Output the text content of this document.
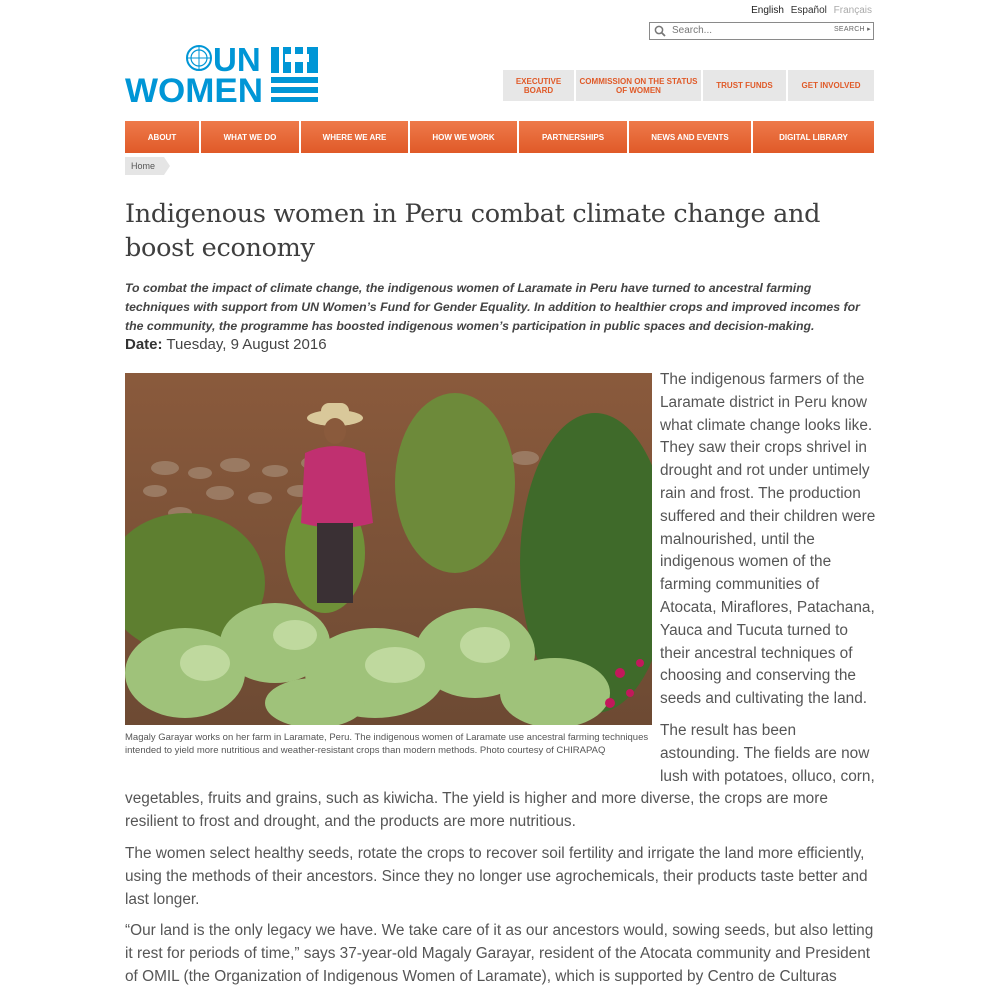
English Español Français
Search...
SEARCH ▸
UN
WOMEN	EXECUTIVE BOARD
COMMISSION ON THE STATUS OF WOMEN	TRUST FUNDS	GET INVOLVED
ABOUT	WHAT WE DO	WHERE WE ARE	HOW WE WORK	PARTNERSHIPS	NEWS AND EVENTS	DIGITAL LIBRARY
Home
Indigenous women in Peru combat climate change and boost economy

To combat the impact of climate change, the indigenous women of Laramate in Peru have turned to ancestral farming techniques with support from UN Women’s Fund for Gender Equality. In addition to healthier crops and improved incomes for the community, the programme has boosted indigenous women’s participation in public spaces and decision-making.

Date: Tuesday, 9 August 2016
Magaly Garayar works on her farm in Laramate, Peru. The indigenous women of Laramate use ancestral farming techniques intended to yield more nutritious and weather-resistant crops than modern methods. Photo courtesy of CHIRAPAQ

The indigenous farmers of the Laramate district in Peru know what climate change looks like. They saw their crops shrivel in drought and rot under untimely rain and frost. The production suffered and their children were malnourished, until the indigenous women of the farming communities of Atocata, Miraflores, Patachana, Yauca and Tucuta turned to their ancestral techniques of choosing and conserving the seeds and cultivating the land.

The result has been astounding. The fields are now lush with potatoes, olluco, corn, vegetables, fruits and grains, such as kiwicha. The yield is higher and more diverse, the crops are more resilient to frost and drought, and the products are more nutritious.

The women select healthy seeds, rotate the crops to recover soil fertility and irrigate the land more efficiently, using the methods of their ancestors. Since they no longer use agrochemicals, their products taste better and last longer.

“Our land is the only legacy we have. We take care of it as our ancestors would, sowing seeds, but also letting it rest for periods of time,” says 37-year-old Magaly Garayar, resident of the Atocata community and President of OMIL (the Organization of Indigenous Women of Laramate), which is supported by Centro de Culturas
